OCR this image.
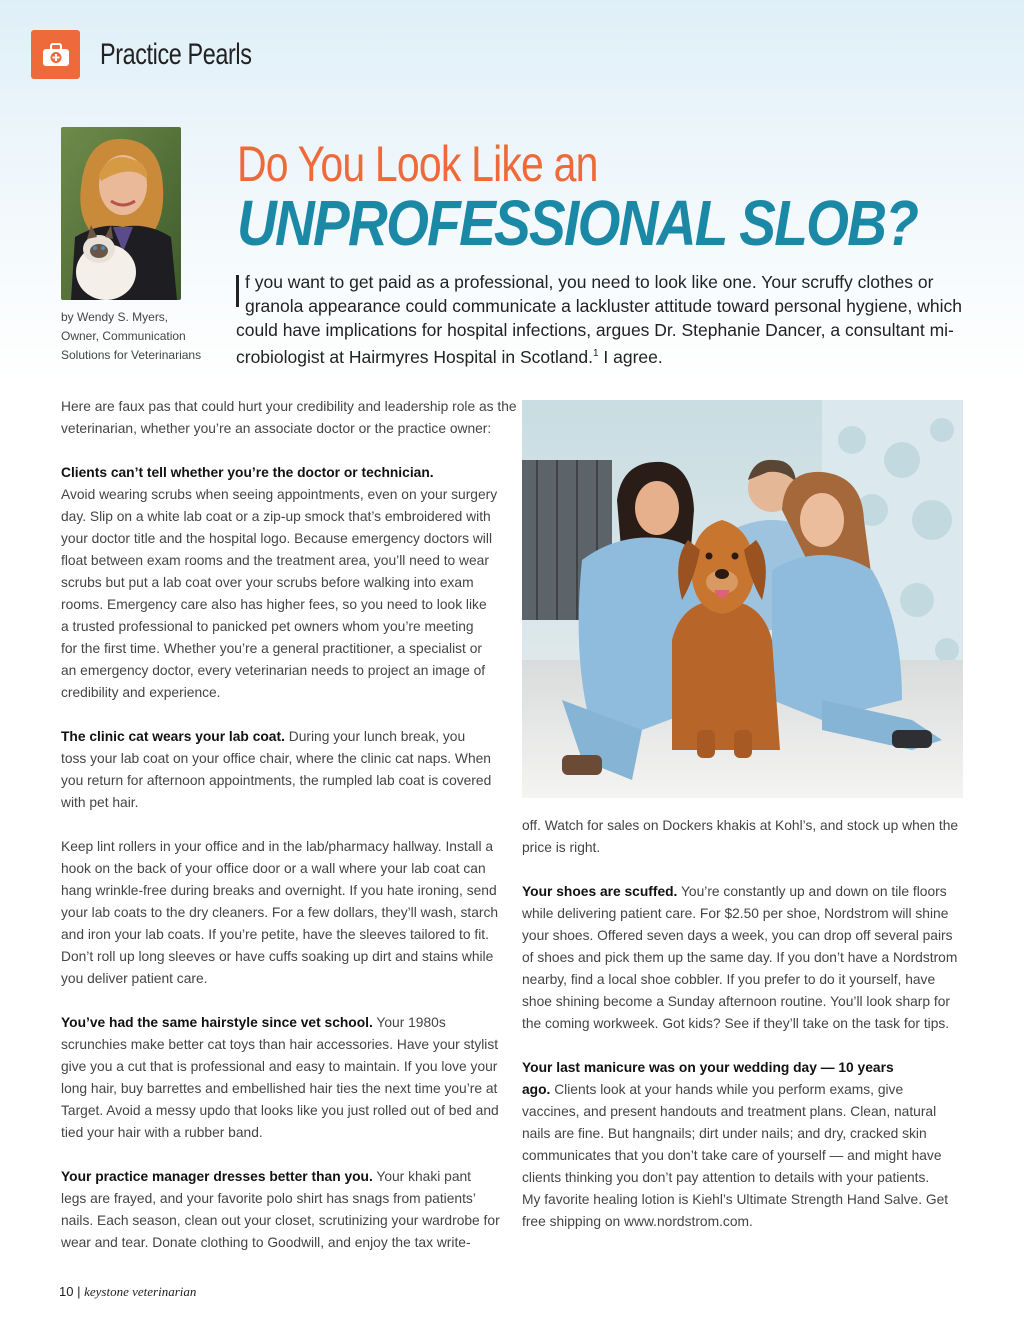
Practice Pearls
by Wendy S. Myers,
Owner, Communication
Solutions for Veterinarians
Do You Look Like an
UNPROFESSIONAL SLOB?
f you want to get paid as a professional, you need to look like one. Your scruffy clothes or
granola appearance could communicate a lackluster attitude toward personal hygiene, which
could have implications for hospital infections, argues Dr. Stephanie Dancer, a consultant mi-
crobiologist at Hairmyres Hospital in Scotland.$^1$ I agree.
Here are faux pas that could hurt your credibility and leadership role as the
veterinarian, whether you’re an associate doctor or the practice owner:
Clients can’t tell whether you’re the doctor or technician.
Avoid wearing scrubs when seeing appointments, even on your surgery
day. Slip on a white lab coat or a zip-up smock that’s embroidered with
your doctor title and the hospital logo. Because emergency doctors will
float between exam rooms and the treatment area, you’ll need to wear
scrubs but put a lab coat over your scrubs before walking into exam
rooms. Emergency care also has higher fees, so you need to look like
a trusted professional to panicked pet owners whom you’re meeting
for the first time. Whether you’re a general practitioner, a specialist or
an emergency doctor, every veterinarian needs to project an image of
credibility and experience.
The clinic cat wears your lab coat. During your lunch break, you
toss your lab coat on your office chair, where the clinic cat naps. When
you return for afternoon appointments, the rumpled lab coat is covered
with pet hair.
Keep lint rollers in your office and in the lab/pharmacy hallway. Install a
hook on the back of your office door or a wall where your lab coat can
hang wrinkle-free during breaks and overnight. If you hate ironing, send
your lab coats to the dry cleaners. For a few dollars, they’ll wash, starch
and iron your lab coats. If you’re petite, have the sleeves tailored to fit.
Don’t roll up long sleeves or have cuffs soaking up dirt and stains while
you deliver patient care.
You’ve had the same hairstyle since vet school. Your 1980s
scrunchies make better cat toys than hair accessories. Have your stylist
give you a cut that is professional and easy to maintain. If you love your
long hair, buy barrettes and embellished hair ties the next time you’re at
Target. Avoid a messy updo that looks like you just rolled out of bed and
tied your hair with a rubber band.
Your practice manager dresses better than you. Your khaki pant
legs are frayed, and your favorite polo shirt has snags from patients’
nails. Each season, clean out your closet, scrutinizing your wardrobe for
wear and tear. Donate clothing to Goodwill, and enjoy the tax write-
off. Watch for sales on Dockers khakis at Kohl’s, and stock up when the
price is right.
Your shoes are scuffed. You’re constantly up and down on tile floors
while delivering patient care. For $2.50 per shoe, Nordstrom will shine
your shoes. Offered seven days a week, you can drop off several pairs
of shoes and pick them up the same day. If you don’t have a Nordstrom
nearby, find a local shoe cobbler. If you prefer to do it yourself, have
shoe shining become a Sunday afternoon routine. You’ll look sharp for
the coming workweek. Got kids? See if they’ll take on the task for tips.
Your last manicure was on your wedding day — 10 years
ago. Clients look at your hands while you perform exams, give
vaccines, and present handouts and treatment plans. Clean, natural
nails are fine. But hangnails; dirt under nails; and dry, cracked skin
communicates that you don’t take care of yourself — and might have
clients thinking you don’t pay attention to details with your patients.
My favorite healing lotion is Kiehl’s Ultimate Strength Hand Salve. Get
free shipping on www.nordstrom.com.
10 | keystone veterinarian
